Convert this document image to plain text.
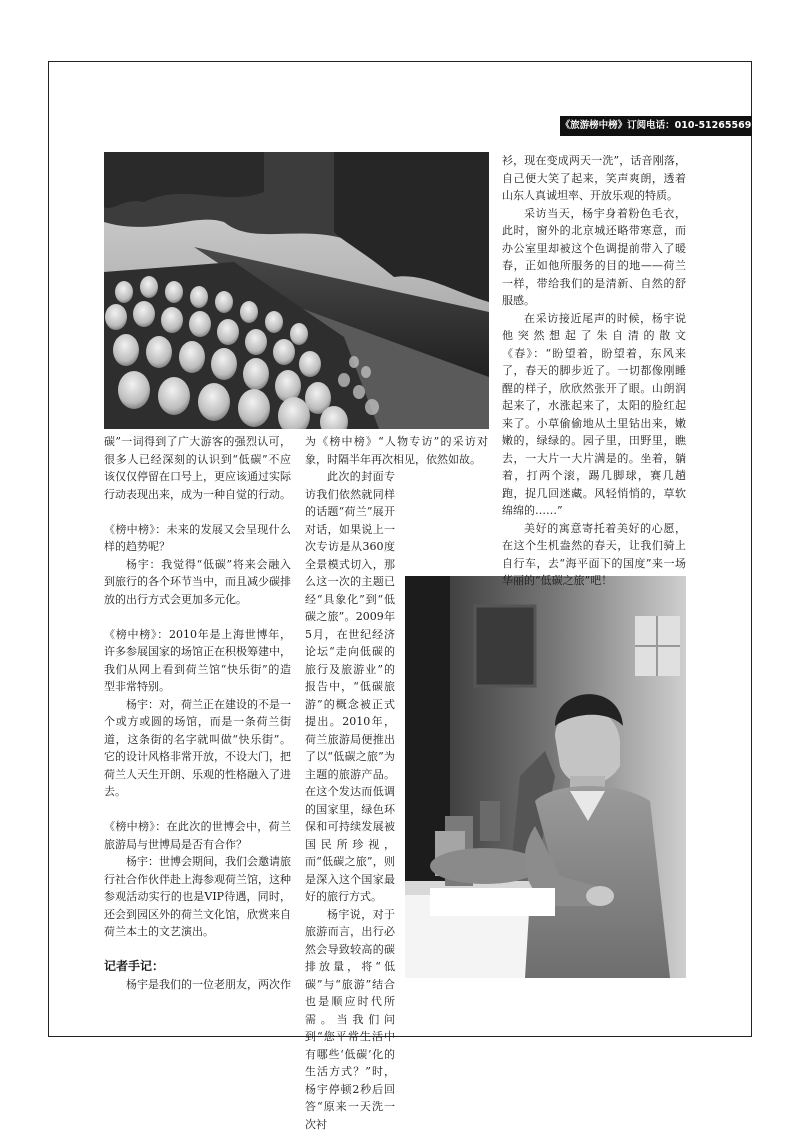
《旅游榜中榜》订阅电话：010-51265569

碳”一词得到了广大游客的强烈认可，很多人已经深刻的认识到“低碳”不应该仅仅停留在口号上，更应该通过实际行动表现出来，成为一种自觉的行动。

《榜中榜》：未来的发展又会呈现什么样的趋势呢？

杨宇：我觉得“低碳”将来会融入到旅行的各个环节当中，而且减少碳排放的出行方式会更加多元化。

《榜中榜》：2010年是上海世博年，许多参展国家的场馆正在积极筹建中，我们从网上看到荷兰馆“快乐街”的造型非常特别。

杨宇：对，荷兰正在建设的不是一个或方或圆的场馆，而是一条荷兰街道，这条街的名字就叫做“快乐街”。它的设计风格非常开放，不设大门，把荷兰人天生开朗、乐观的性格融入了进去。

《榜中榜》：在此次的世博会中，荷兰旅游局与世博局是否有合作？

杨宇：世博会期间，我们会邀请旅行社合作伙伴赴上海参观荷兰馆，这种参观活动实行的也是VIP待遇，同时，还会到园区外的荷兰文化馆，欣赏来自荷兰本土的文艺演出。

记者手记：

杨宇是我们的一位老朋友，两次作

为《榜中榜》“人物专访”的采访对象，时隔半年再次相见，依然如故。

此次的封面专访我们依然就同样的话题“荷兰”展开对话，如果说上一次专访是从360度全景模式切入，那么这一次的主题已经“具象化”到“低碳之旅”。2009年5月，在世纪经济论坛“走向低碳的旅行及旅游业”的报告中，“低碳旅游”的概念被正式提出。2010年，荷兰旅游局便推出了以“低碳之旅”为主题的旅游产品。在这个发达而低调的国家里，绿色环保和可持续发展被国民所珍视，而“低碳之旅”，则是深入这个国家最好的旅行方式。

杨宇说，对于旅游而言，出行必然会导致较高的碳排放量，将“低碳”与“旅游”结合也是顺应时代所需。当我们问到“您平常生活中有哪些‘低碳’化的生活方式？”时，杨宇停顿2秒后回答“原来一天洗一次衬

衫，现在变成两天一洗”，话音刚落，自己便大笑了起来，笑声爽朗，透着山东人真诚坦率、开放乐观的特质。

采访当天，杨宇身着粉色毛衣，此时，窗外的北京城还略带寒意，而办公室里却被这个色调提前带入了暖春，正如他所服务的目的地——荷兰一样，带给我们的是清新、自然的舒服感。

在采访接近尾声的时候，杨宇说他突然想起了朱自清的散文《春》：“盼望着，盼望着，东风来了，春天的脚步近了。一切都像刚睡醒的样子，欣欣然张开了眼。山朗润起来了，水涨起来了，太阳的脸红起来了。小草偷偷地从土里钻出来，嫩嫩的，绿绿的。园子里，田野里，瞧去，一大片一大片满是的。坐着，躺着，打两个滚，踢几脚球，赛几趟跑，捉几回迷藏。风轻悄悄的，草软绵绵的……”

美好的寓意寄托着美好的心愿，在这个生机盎然的春天，让我们骑上自行车，去“海平面下的国度”来一场华丽的“低碳之旅”吧！
